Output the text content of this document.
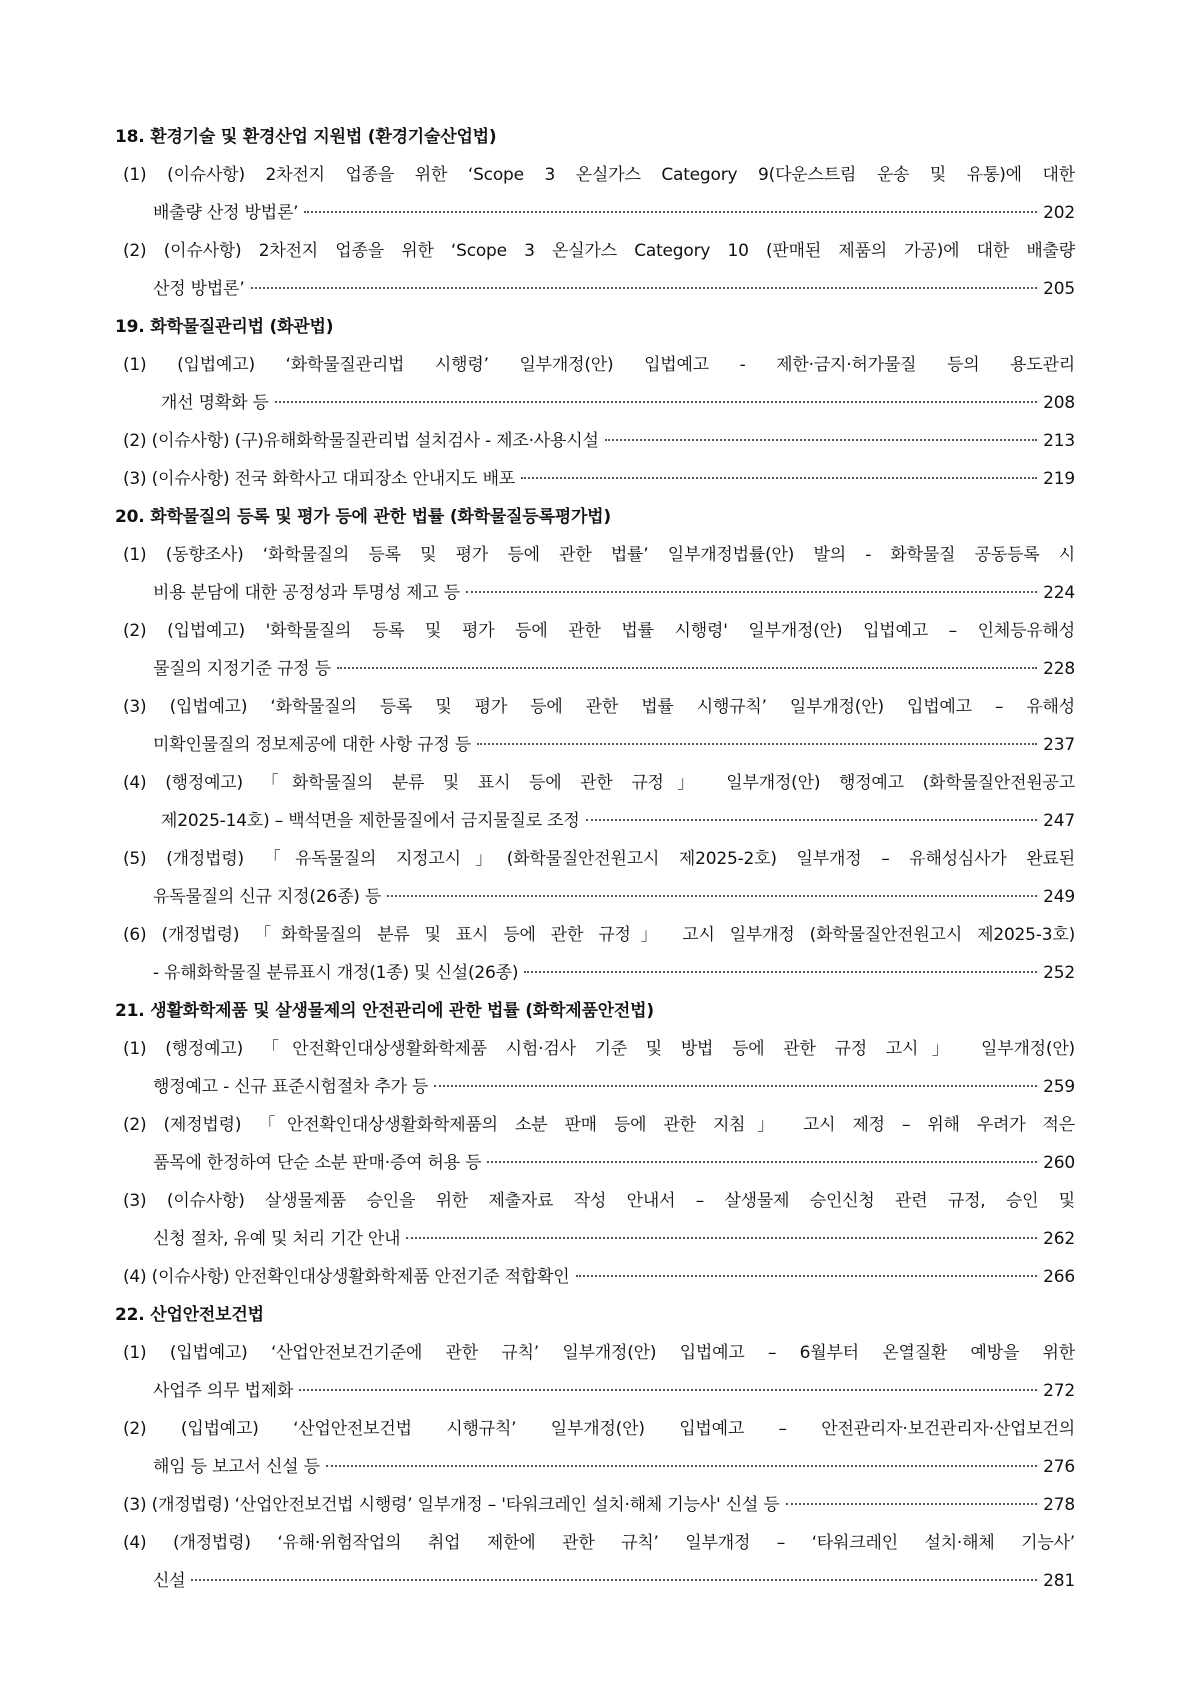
18. 환경기술 및 환경산업 지원법 (환경기술산업법)
(1) (이슈사항) 2차전지 업종을 위한 ‘Scope 3 온실가스 Category 9(다운스트림 운송 및 유통)에 대한
배출량 산정 방법론’	202
(2) (이슈사항) 2차전지 업종을 위한 ‘Scope 3 온실가스 Category 10 (판매된 제품의 가공)에 대한 배출량
산정 방법론’	205
19. 화학물질관리법 (화관법)
(1) (입법예고) ‘화학물질관리법 시행령’ 일부개정(안) 입법예고 - 제한·금지·허가물질 등의 용도관리
개선 명확화 등	208
(2) (이슈사항) (구)유해화학물질관리법 설치검사 - 제조·사용시설	213
(3) (이슈사항) 전국 화학사고 대피장소 안내지도 배포	219
20. 화학물질의 등록 및 평가 등에 관한 법률 (화학물질등록평가법)
(1) (동향조사) ‘화학물질의 등록 및 평가 등에 관한 법률’ 일부개정법률(안) 발의 - 화학물질 공동등록 시
비용 분담에 대한 공정성과 투명성 제고 등	224
(2) (입법예고) '화학물질의 등록 및 평가 등에 관한 법률 시행령' 일부개정(안) 입법예고 – 인체등유해성
물질의 지정기준 규정 등	228
(3) (입법예고) ‘화학물질의 등록 및 평가 등에 관한 법률 시행규칙’ 일부개정(안) 입법예고 – 유해성
미확인물질의 정보제공에 대한 사항 규정 등	237
(4) (행정예고) 「화학물질의 분류 및 표시 등에 관한 규정」 일부개정(안) 행정예고 (화학물질안전원공고
제2025-14호) – 백석면을 제한물질에서 금지물질로 조정	247
(5) (개정법령) 「유독물질의 지정고시」(화학물질안전원고시 제2025-2호) 일부개정 – 유해성심사가 완료된
유독물질의 신규 지정(26종) 등	249
(6) (개정법령) 「화학물질의 분류 및 표시 등에 관한 규정」 고시 일부개정 (화학물질안전원고시 제2025-3호)
- 유해화학물질 분류표시 개정(1종) 및 신설(26종)	252
21. 생활화학제품 및 살생물제의 안전관리에 관한 법률 (화학제품안전법)
(1) (행정예고) 「안전확인대상생활화학제품 시험·검사 기준 및 방법 등에 관한 규정 고시」 일부개정(안)
행정예고 - 신규 표준시험절차 추가 등	259
(2) (제정법령) 「안전확인대상생활화학제품의 소분 판매 등에 관한 지침」 고시 제정 – 위해 우려가 적은
품목에 한정하여 단순 소분 판매·증여 허용 등	260
(3) (이슈사항) 살생물제품 승인을 위한 제출자료 작성 안내서 – 살생물제 승인신청 관련 규정, 승인 및
신청 절차, 유예 및 처리 기간 안내	262
(4) (이슈사항) 안전확인대상생활화학제품 안전기준 적합확인	266
22. 산업안전보건법
(1) (입법예고) ‘산업안전보건기준에 관한 규칙’ 일부개정(안) 입법예고 – 6월부터 온열질환 예방을 위한
사업주 의무 법제화	272
(2) (입법예고) ‘산업안전보건법 시행규칙’ 일부개정(안) 입법예고 – 안전관리자·보건관리자·산업보건의
해임 등 보고서 신설 등	276
(3) (개정법령) ‘산업안전보건법 시행령’ 일부개정 – '타워크레인 설치·해체 기능사' 신설 등	278
(4) (개정법령) ‘유해·위험작업의 취업 제한에 관한 규칙’ 일부개정 – ‘타워크레인 설치·해체 기능사’
신설	281
